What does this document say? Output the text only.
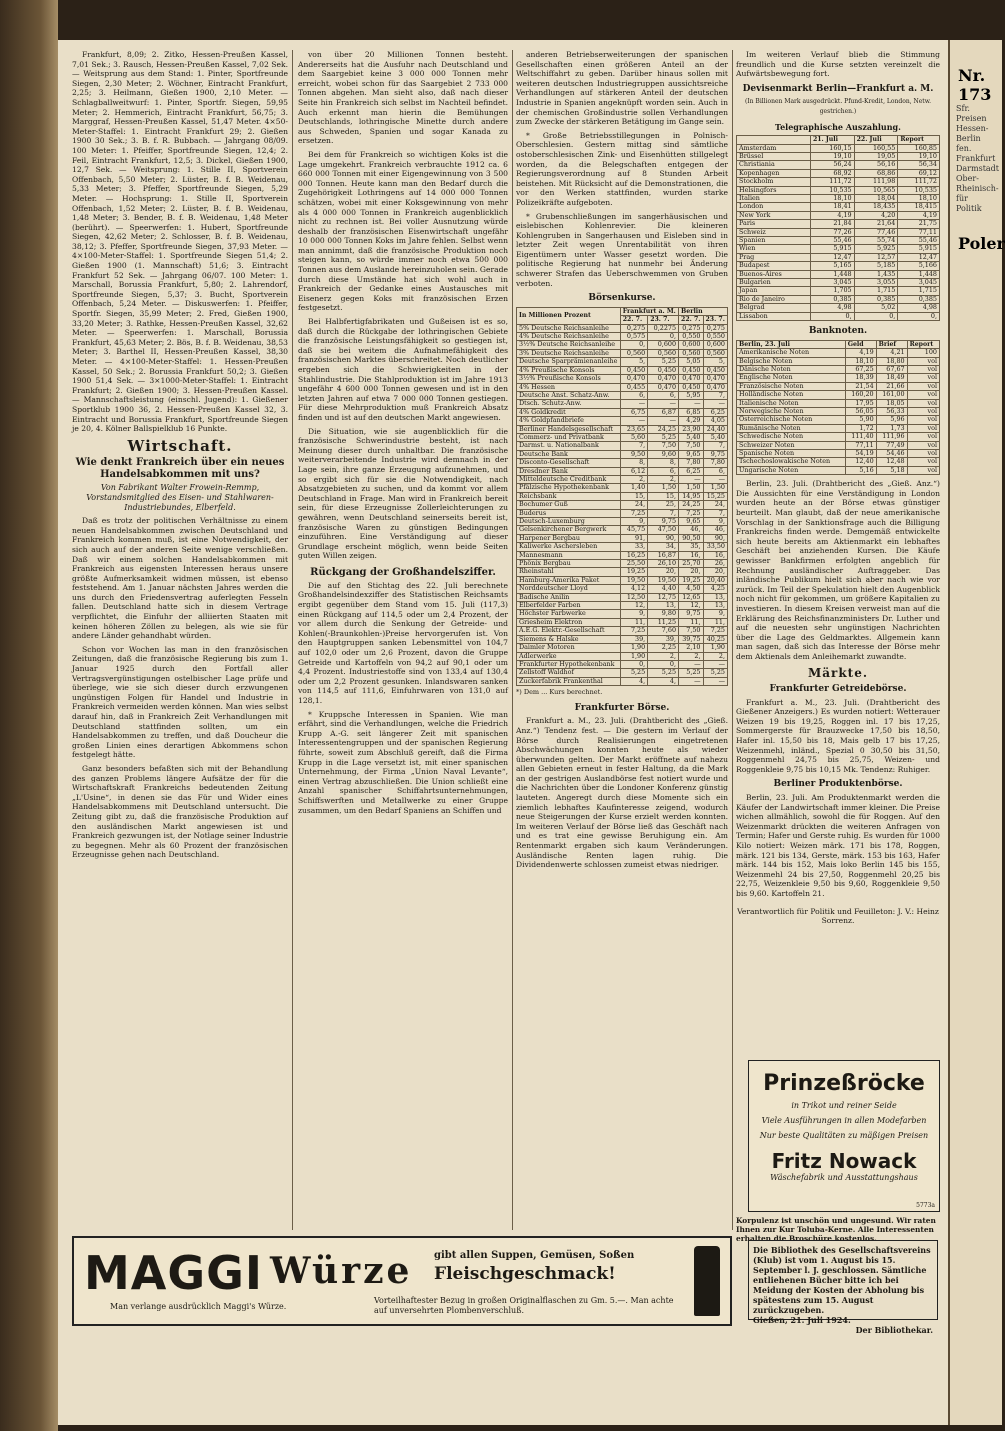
Frankfurt, 8,09; 2. Zitko, Hessen-Preußen Kassel, 7,01 Sek.; 3. Rausch, Hessen-Preußen Kassel, 7,02 Sek. — Weitsprung aus dem Stand: 1. Pinter, Sportfreunde Siegen, 2,30 Meter; 2. Wöchner, Eintracht Frankfurt, 2,25; 3. Heilmann, Gießen 1900, 2,10 Meter. — Schlagballweitwurf: 1. Pinter, Sportfr. Siegen, 59,95 Meter; 2. Hemmerich, Eintracht Frankfurt, 56,75; 3. Marggraf, Hessen-Preußen Kassel, 51,47 Meter. 4×50-Meter-Staffel: 1. Eintracht Frankfurt 29; 2. Gießen 1900 30 Sek.; 3. B. f. R. Bubbach. — Jahrgang 08/09. 100 Meter: 1. Pfeiffer, Sportfreunde Siegen, 12,4; 2. Feil, Eintracht Frankfurt, 12,5; 3. Dickel, Gießen 1900, 12,7 Sek. — Weitsprung: 1. Stille II, Sportverein Offenbach, 5,50 Meter; 2. Lüster, B. f. B. Weidenau, 5,33 Meter; 3. Pfeffer, Sportfreunde Siegen, 5,29 Meter. — Hochsprung: 1. Stille II, Sportverein Offenbach, 1,52 Meter; 2. Lüster, B. f. B. Weidenau, 1,48 Meter; 3. Bender, B. f. B. Weidenau, 1,48 Meter (berührt). — Speerwerfen: 1. Hubert, Sportfreunde Siegen, 42,62 Meter; 2. Schlosser, B. f. B. Weidenau, 38,12; 3. Pfeffer, Sportfreunde Siegen, 37,93 Meter. — 4×100-Meter-Staffel: 1. Sportfreunde Siegen 51,4; 2. Gießen 1900 (1. Mannschaft) 51,6; 3. Eintracht Frankfurt 52 Sek. — Jahrgang 06/07. 100 Meter: 1. Marschall, Borussia Frankfurt, 5,80; 2. Lahrendorf, Sportfreunde Siegen, 5,37; 3. Bucht, Sportverein Offenbach, 5,24 Meter. — Diskuswerfen: 1. Pfeiffer, Sportfr. Siegen, 35,99 Meter; 2. Fred, Gießen 1900, 33,20 Meter; 3. Rathke, Hessen-Preußen Kassel, 32,62 Meter. — Speerwerfen: 1. Marschall, Borussia Frankfurt, 45,63 Meter; 2. Bös, B. f. B. Weidenau, 38,53 Meter; 3. Barthel II, Hessen-Preußen Kassel, 38,30 Meter. — 4×100-Meter-Staffel: 1. Hessen-Preußen Kassel, 50 Sek.; 2. Borussia Frankfurt 50,2; 3. Gießen 1900 51,4 Sek. — 3×1000-Meter-Staffel: 1. Eintracht Frankfurt; 2. Gießen 1900; 3. Hessen-Preußen Kassel. — Mannschaftsleistung (einschl. Jugend): 1. Gießener Sportklub 1900 36, 2. Hessen-Preußen Kassel 32, 3. Eintracht und Borussia Frankfurt, Sportfreunde Siegen je 20, 4. Kölner Ballspielklub 16 Punkte.

Wirtschaft.
Wie denkt Frankreich über ein neues Handelsabkommen mit uns?
Von Fabrikant Walter Frowein-Remmp, Vorstandsmitglied des Eisen- und Stahlwaren-Industriebundes, Elberfeld.

Daß es trotz der politischen Verhältnisse zu einem neuen Handelsabkommen zwischen Deutschland und Frankreich kommen muß, ist eine Notwendigkeit, der sich auch auf der anderen Seite wenige verschließen. Daß wir einem solchen Handelsabkommen mit Frankreich aus eigensten Interessen heraus unsere größte Aufmerksamkeit widmen müssen, ist ebenso feststehend. Am 1. Januar nächsten Jahres werden die uns durch den Friedensvertrag auferlegten Fesseln fallen. Deutschland hatte sich in diesem Vertrage verpflichtet, die Einfuhr der alliierten Staaten mit keinen höheren Zöllen zu belegen, als wie sie für andere Länder gehandhabt würden.

Schon vor Wochen las man in den französischen Zeitungen, daß die französische Regierung bis zum 1. Januar 1925 durch den Fortfall aller Vertragsvergünstigungen ostelbischer Lage prüfe und überlege, wie sie sich dieser durch erzwungenen ungünstigen Folgen für Handel und Industrie in Frankreich vermeiden werden können. Man wies selbst darauf hin, daß in Frankreich Zeit Verhandlungen mit Deutschland stattfinden sollten, um ein Handelsabkommen zu treffen, und daß Doucheur die großen Linien eines derartigen Abkommens schon festgelegt hätte.

Ganz besonders befaßten sich mit der Behandlung des ganzen Problems längere Aufsätze der für die Wirtschaftskraft Frankreichs bedeutenden Zeitung „L'Usine“, in denen sie das Für und Wider eines Handelsabkommens mit Deutschland untersucht. Die Zeitung gibt zu, daß die französische Produktion auf den ausländischen Markt angewiesen ist und Frankreich gezwungen ist, der Notlage seiner Industrie zu begegnen. Mehr als 60 Prozent der französischen Erzeugnisse gehen nach Deutschland.

von über 20 Millionen Tonnen besteht. Andererseits hat die Ausfuhr nach Deutschland und dem Saargebiet keine 3 000 000 Tonnen mehr erreicht, wobei schon für das Saargebiet 2 733 000 Tonnen abgehen. Man sieht also, daß nach dieser Seite hin Frankreich sich selbst im Nachteil befindet. Auch erkennt man hierin die Bemühungen Deutschlands, lothringische Minette durch andere aus Schweden, Spanien und sogar Kanada zu ersetzen.

Bei dem für Frankreich so wichtigen Koks ist die Lage umgekehrt. Frankreich verbrauchte 1912 ca. 6 660 000 Tonnen mit einer Eigengewinnung von 3 500 000 Tonnen. Heute kann man den Bedarf durch die Zugehörigkeit Lothringens auf 14 000 000 Tonnen schätzen, wobei mit einer Koksgewinnung von mehr als 4 000 000 Tonnen in Frankreich augenblicklich nicht zu rechnen ist. Bei voller Ausnutzung würde deshalb der französischen Eisenwirtschaft ungefähr 10 000 000 Tonnen Koks im Jahre fehlen. Selbst wenn man annimmt, daß die französische Produktion noch steigen kann, so würde immer noch etwa 500 000 Tonnen aus dem Auslande hereinzuholen sein. Gerade durch diese Umstände hat sich wohl auch in Frankreich der Gedanke eines Austausches mit Eisenerz gegen Koks mit französischen Erzen festgesetzt.

Bei Halbfertigfabrikaten und Gußeisen ist es so, daß durch die Rückgabe der lothringischen Gebiete die französische Leistungsfähigkeit so gestiegen ist, daß sie bei weitem die Aufnahmefähigkeit des französischen Marktes überschreitet. Noch deutlicher ergeben sich die Schwierigkeiten in der Stahlindustrie. Die Stahlproduktion ist im Jahre 1913 ungefähr 4 600 000 Tonnen gewesen und ist in den letzten Jahren auf etwa 7 000 000 Tonnen gestiegen. Für diese Mehrproduktion muß Frankreich Absatz finden und ist auf den deutschen Markt angewiesen.

Die Situation, wie sie augenblicklich für die französische Schwerindustrie besteht, ist nach Meinung dieser durch unhaltbar. Die französische weiterverarbeitende Industrie wird demnach in der Lage sein, ihre ganze Erzeugung aufzunehmen, und so ergibt sich für sie die Notwendigkeit, nach Absatzgebieten zu suchen, und da kommt vor allem Deutschland in Frage. Man wird in Frankreich bereit sein, für diese Erzeugnisse Zollerleichterungen zu gewähren, wenn Deutschland seinerseits bereit ist, französische Waren zu günstigen Bedingungen einzuführen. Eine Verständigung auf dieser Grundlage erscheint möglich, wenn beide Seiten guten Willen zeigen.

Rückgang der Großhandelsziffer.

Die auf den Stichtag des 22. Juli berechnete Großhandelsindexziffer des Statistischen Reichsamts ergibt gegenüber dem Stand vom 15. Juli (117,3) einen Rückgang auf 114,5 oder um 2,4 Prozent, der vor allem durch die Senkung der Getreide- und Kohlen(-Braunkohlen-)Preise hervorgerufen ist. Von den Hauptgruppen sanken Lebensmittel von 104,7 auf 102,0 oder um 2,6 Prozent, davon die Gruppe Getreide und Kartoffeln von 94,2 auf 90,1 oder um 4,4 Prozent. Industriestoffe sind von 133,4 auf 130,4 oder um 2,2 Prozent gesunken. Inlandswaren sanken von 114,5 auf 111,6, Einfuhrwaren von 131,0 auf 128,1.

* Kruppsche Interessen in Spanien. Wie man erfährt, sind die Verhandlungen, welche die Friedrich Krupp A.-G. seit längerer Zeit mit spanischen Interessentengruppen und der spanischen Regierung führte, soweit zum Abschluß gereift, daß die Firma Krupp in die Lage versetzt ist, mit einer spanischen Unternehmung, der Firma „Union Naval Levante“, einen Vertrag abzuschließen. Die Union schließt eine Anzahl spanischer Schiffahrtsunternehmungen, Schiffswerften und Metallwerke zu einer Gruppe zusammen, um den Bedarf Spaniens an Schiffen und

anderen Betriebserweiterungen der spanischen Gesellschaften einen größeren Anteil an der Weltschiffahrt zu geben. Darüber hinaus sollen mit weiteren deutschen Industriegruppen aussichtsreiche Verhandlungen auf stärkeren Anteil der deutschen Industrie in Spanien angeknüpft worden sein. Auch in der chemischen Großindustrie sollen Verhandlungen zum Zwecke der stärkeren Betätigung im Gange sein.

* Große Betriebsstillegungen in Polnisch-Oberschlesien. Gestern mittag sind sämtliche ostoberschlesischen Zink- und Eisenhütten stillgelegt worden, da die Belegschaften entgegen der Regierungsverordnung auf 8 Stunden Arbeit beistehen. Mit Rücksicht auf die Demonstrationen, die vor den Werken stattfinden, wurden starke Polizeikräfte aufgeboten.

* Grubenschließungen im sangerhäusischen und eislebischen Kohlenrevier. Die kleineren Kohlengruben in Sangerhausen und Eisleben sind in letzter Zeit wegen Unrentabilität von ihren Eigentümern unter Wasser gesetzt worden. Die politische Regierung hat nunmehr bei Änderung schwerer Strafen das Ueberschwemmen von Gruben verboten.

Börsenkurse.
In Millionen Prozent	Frankfurt a. M.		Berlin	
	22. 7.	23. 7.	22. 7.	23. 7.
5% Deutsche Reichsanleihe	0,275	0,2275	0,275	0,275
4% Deutsche Reichsanleihe	0,575	0,	0,550	0,550
3½% Deutsche Reichsanleihe	0,	0,600	0,600	0,600
3% Deutsche Reichsanleihe	0,560	0,560	0,560	0,560
Deutsche Sparprämienanleihe	5,	5,25	5,05	5,
4% Preußische Konsols	0,450	0,450	0,450	0,450
3½% Preußische Konsols	0,470	0,470	0,470	0,470
4% Hessen	0,455	0,470	0,450	0,470
Deutsche Anst. Schatz-Anw.	6,	6,	5,95	7,
Dtsch. Schutz-Anw.	—	—	—	—
4% Goldkredit	6,75	6,87	6,85	6,25
4% Goldpfandbriefe	—	—	4,29	4,05
Berliner Handelsgesellschaft	23,65	24,25	23,90	24,40
Commerz- und Privatbank	5,60	5,25	5,40	5,40
Darmst. u. Nationalbank	7,	7,50	7,50	7,
Deutsche Bank	9,50	9,60	9,65	9,75
Disconto-Gesellschaft	8,	8,	7,80	7,80
Dresdner Bank	6,12	6,	6,25	6,
Mitteldeutsche Creditbank	2,	2,	—	—
Pfälzische Hypothekenbank	1,40	1,50	1,50	1,50
Reichsbank	15,	15,	14,95	15,25
Bochumer Guß	24,	25,	24,25	24,
Buderus	7,25	7,	7,25	7,
Deutsch-Luxemburg	9,	9,75	9,65	9,
Gelsenkirchener Bergwerk	45,75	47,50	46,	46,
Harpener Bergbau	91,	90,	90,50	90,
Kaliwerke Aschersleben	33,	34,	35,	33,50
Mannesmann	16,25	16,87	16,	16,
Phönix Bergbau	25,50	26,10	25,70	26,
Rheinstahl	19,25	20,	20,	20,
Hamburg-Amerika Paket	19,50	19,50	19,25	20,40
Norddeutscher Lloyd	4,12	4,40	4,50	4,25
Badische Anilin	12,50	12,75	12,65	13,
Elberfelder Farben	12,	13,	12,	13,
Höchster Farbwerke	9,	9,80	9,75	9,
Griesheim Elektron	11,	11,25	11,	11,
A.E.G. Elektr.-Gesellschaft	7,25	7,60	7,50	7,25
Siemens & Halske	39,	39,	39,75	40,25
Daimler Motoren	1,90	2,25	2,10	1,90
Adlerwerke	1,90	2,	2,	2,
Frankfurter Hypothekenbank	0,	0,	—	—
Zellstoff Waldhof	5,25	5,25	5,25	5,25
Zuckerfabrik Frankenthal	4,	4,	—	—
*) Dem ... Kurs berechnet.
Frankfurter Börse.

Frankfurt a. M., 23. Juli. (Drahtbericht des „Gieß. Anz.“) Tendenz fest. — Die gestern im Verlauf der Börse durch Realisierungen eingetretenen Abschwächungen konnten heute als wieder überwunden gelten. Der Markt eröffnete auf nahezu allen Gebieten erneut in fester Haltung, da die Mark an der gestrigen Auslandbörse fest notiert wurde und die Nachrichten über die Londoner Konferenz günstig lauteten. Angeregt durch diese Momente sich ein ziemlich lebhaftes Kaufinteresse zeigend, wodurch neue Steigerungen der Kurse erzielt werden konnten. Im weiteren Verlauf der Börse ließ das Geschäft nach und es trat eine gewisse Beruhigung ein. Am Rentenmarkt ergaben sich kaum Veränderungen. Ausländische Renten lagen ruhig. Die Dividendenwerte schlossen zumeist etwas niedriger.

Im weiteren Verlauf blieb die Stimmung freundlich und die Kurse setzten vereinzelt die Aufwärtsbewegung fort.

Devisenmarkt Berlin—Frankfurt a. M.
(In Billionen Mark ausgedrückt. Pfund-Kredit, London, Netw. gestrichen.)
Telegraphische Auszahlung.
	21. Juli	22. Juli	Report
Amsterdam	160,15	160,55	160,85
Brüssel	19,10	19,05	19,10
Christiania	56,24	56,16	56,34
Kopenhagen	68,92	68,86	69,12
Stockholm	111,72	111,98	111,72
Helsingfors	10,535	10,565	10,535
Italien	18,10	18,04	18,10
London	18,41	18,435	18,415
New York	4,19	4,20	4,19
Paris	21,84	21,64	21,75
Schweiz	77,26	77,46	77,11
Spanien	55,46	55,74	55,46
Wien	5,915	5,925	5,915
Prag	12,47	12,57	12,47
Budapest	5,165	5,185	5,166
Buenos-Aires	1,448	1,435	1,448
Bulgarien	3,045	3,055	3,045
Japan	1,705	1,715	1,715
Rio de Janeiro	0,385	0,385	0,385
Belgrad	4,98	5,02	4,98
Lissabon	0,	0,	0,
Banknoten.
Berlin, 23. Juli	Geld	Brief	Report
Amerikanische Noten	4,19	4,21	100
Belgische Noten	18,10	18,80	vol
Dänische Noten	67,25	67,67	vol
Englische Noten	18,39	18,49	vol
Französische Noten	21,54	21,66	vol
Holländische Noten	160,20	161,00	vol
Italienische Noten	17,95	18,05	vol
Norwegische Noten	56,05	56,33	vol
Österreichische Noten	5,90	5,96	vol
Rumänische Noten	1,72	1,73	vol
Schwedische Noten	111,40	111,96	vol
Schweizer Noten	77,11	77,49	vol
Spanische Noten	54,19	54,46	vol
Tschechoslowakische Noten	12,40	12,48	vol
Ungarische Noten	5,16	5,18	vol

Berlin, 23. Juli. (Drahtbericht des „Gieß. Anz.“) Die Aussichten für eine Verständigung in London wurden heute an der Börse etwas günstiger beurteilt. Man glaubt, daß der neue amerikanische Vorschlag in der Sanktionsfrage auch die Billigung Frankreichs finden werde. Demgemäß entwickelte sich heute bereits am Aktienmarkt ein lebhaftes Geschäft bei anziehenden Kursen. Die Käufe gewisser Bankfirmen erfolgten angeblich für Rechnung ausländischer Auftraggeber. Das inländische Publikum hielt sich aber nach wie vor zurück. Im Teil der Spekulation hielt den Augenblick noch nicht für gekommen, um größere Kapitalien zu investieren. In diesem Kreisen verweist man auf die Erklärung des Reichsfinanzministers Dr. Luther und auf die neuesten sehr ungünstigen Nachrichten über die Lage des Geldmarktes. Allgemein kann man sagen, daß sich das Interesse der Börse mehr dem Aktienals dem Anleihemarkt zuwandte.

Märkte.
Frankfurter Getreidebörse.

Frankfurt a. M., 23. Juli. (Drahtbericht des Gießener Anzeigers.) Es wurden notiert: Wetterauer Weizen 19 bis 19,25, Roggen inl. 17 bis 17,25, Sommergerste für Brauzwecke 17,50 bis 18,50, Hafer inl. 15,50 bis 18, Mais gelb 17 bis 17,25, Weizenmehl, inländ., Spezial 0 30,50 bis 31,50, Roggenmehl 24,75 bis 25,75, Weizen- und Roggenkleie 9,75 bis 10,15 Mk. Tendenz: Ruhiger.

Berliner Produktenbörse.

Berlin, 23. Juli. Am Produktenmarkt werden die Käufer der Landwirtschaft immer kleiner. Die Preise wichen allmählich, sowohl die für Roggen. Auf den Weizenmarkt drückten die weiteren Anfragen von Termin; Hafer und Gerste ruhig. Es wurden für 1000 Kilo notiert: Weizen märk. 171 bis 178, Roggen, märk. 121 bis 134, Gerste, märk. 153 bis 163, Hafer märk. 144 bis 152, Mais loko Berlin 145 bis 155, Weizenmehl 24 bis 27,50, Roggenmehl 20,25 bis 22,75, Weizenkleie 9,50 bis 9,60, Roggenkleie 9,50 bis 9,60. Kartoffeln 21.

Verantwortlich für Politik und Feuilleton: J. V.: Heinz Sorrenz.
Prinzeßröcke
in Trikot und reiner Seide
Viele Ausführungen in allen Modefarben
Nur beste Qualitäten zu mäßigen Preisen
Fritz Nowack
Wäschefabrik und Ausstattungshaus
5773a
Korpulenz ist unschön und ungesund. Wir raten Ihnen zur Kur Toluba-Kerne. Alle Interessenten erhalten die Broschüre kostenlos.
MAGGI Würze gibt allen Suppen, Gemüsen, Soßen
Fleischgeschmack!
Man verlange ausdrücklich Maggi's Würze.
Vorteilhaftester Bezug in großen Originalflaschen zu Gm. 5.—. Man achte auf unversehrten Plombenverschluß.
Die Bibliothek des Gesellschaftsvereins (Klub) ist vom 1. August bis 15. September l. J. geschlossen. Sämtliche entliehenen Bücher bitte ich bei Meidung der Kosten der Abholung bis spätestens zum 15. August zurückzugeben.
Gießen, 21. Juli 1924.
Der Bibliothekar.
Nr. 173
Sfr.
Preisen
Hessen-
Berlin
fen.
Frankfurt
Darmstadt
Ober-
Rheinisch-
für
Politik
Poler
